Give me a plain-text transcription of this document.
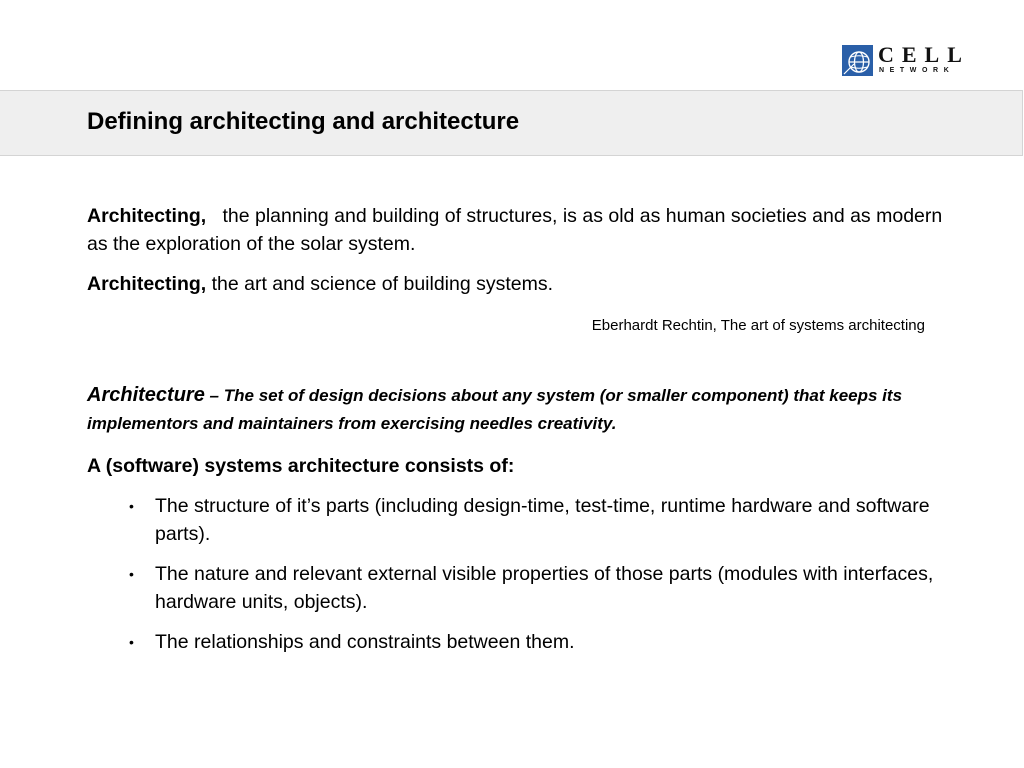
CELL
NETWORK
Defining architecting and architecture

Architecting, the planning and building of structures, is as old as human societies and as modern as the exploration of the solar system.

Architecting, the art and science of building systems.

Eberhardt Rechtin, The art of systems architecting

Architecture – The set of design decisions about any system (or smaller component) that keeps its implementors and maintainers from exercising needles creativity.

A (software) systems architecture consists of:

• The structure of it’s parts (including design-time, test-time, runtime hardware and software parts).
• The nature and relevant external visible properties of those parts (modules with interfaces, hardware units, objects).
• The relationships and constraints between them.
